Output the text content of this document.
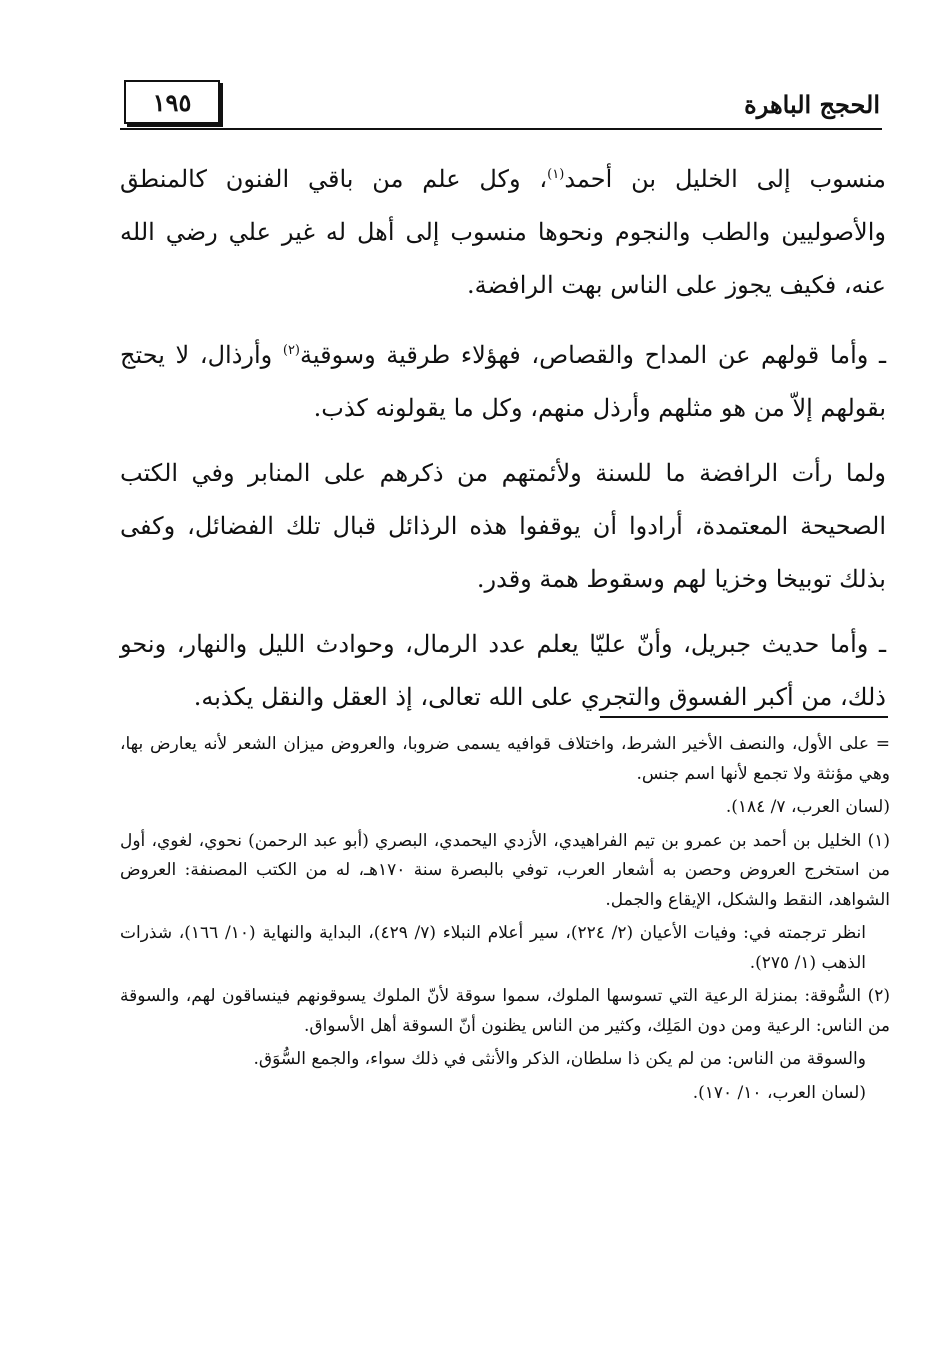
١٩٥	الحجج الباهرة

منسوب إلى الخليل بن أحمد$^{(١)}$، وكل علم من باقي الفنون كالمنطق والأصوليين والطب والنجوم ونحوها منسوب إلى أهل له غير علي رضي الله عنه، فكيف يجوز على الناس بهت الرافضة.

ـ وأما قولهم عن المداح والقصاص، فهؤلاء طرقية وسوقية$^{(٢)}$ وأرذال، لا يحتج بقولهم إلاّ من هو مثلهم وأرذل منهم، وكل ما يقولونه كذب.

ولما رأت الرافضة ما للسنة ولأئمتهم من ذكرهم على المنابر وفي الكتب الصحيحة المعتمدة، أرادوا أن يوقفوا هذه الرذائل قبال تلك الفضائل، وكفى بذلك توبيخا وخزيا لهم وسقوط همة وقدر.

ـ وأما حديث جبريل، وأنّ عليّا يعلم عدد الرمال، وحوادث الليل والنهار، ونحو ذلك، من أكبر الفسوق والتجري على الله تعالى، إذ العقل والنقل يكذبه.

= على الأول، والنصف الأخير الشرط، واختلاف قوافيه يسمى ضروبا، والعروض ميزان الشعر لأنه يعارض بها، وهي مؤنثة ولا تجمع لأنها اسم جنس.

(لسان العرب، ٧/ ١٨٤).

(١) الخليل بن أحمد بن عمرو بن تيم الفراهيدي، الأزدي اليحمدي، البصري (أبو عبد الرحمن) نحوي، لغوي، أول من استخرج العروض وحصن به أشعار العرب، توفي بالبصرة سنة ١٧٠هـ، له من الكتب المصنفة: العروض الشواهد، النقط والشكل، الإيقاع والجمل.

انظر ترجمته في: وفيات الأعيان (٢/ ٢٢٤)، سير أعلام النبلاء (٧/ ٤٢٩)، البداية والنهاية (١٠/ ١٦٦)، شذرات الذهب (١/ ٢٧٥).

(٢) السُّوقة: بمنزلة الرعية التي تسوسها الملوك، سموا سوقة لأنّ الملوك يسوقونهم فينساقون لهم، والسوقة من الناس: الرعية ومن دون المَلِك، وكثير من الناس يظنون أنّ السوقة أهل الأسواق.

والسوقة من الناس: من لم يكن ذا سلطان، الذكر والأنثى في ذلك سواء، والجمع السُّوَق.

(لسان العرب، ١٠/ ١٧٠).
